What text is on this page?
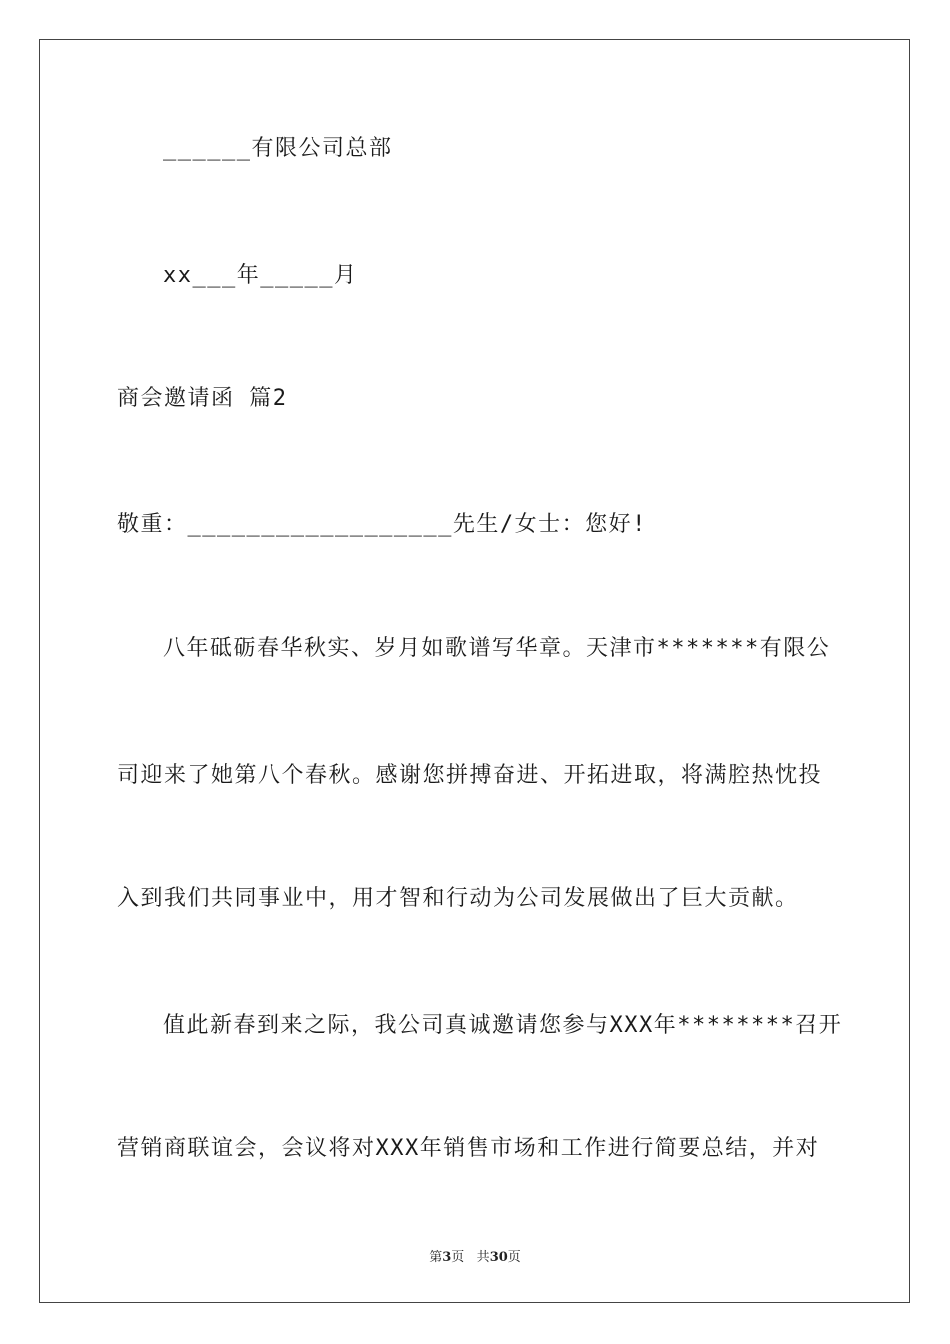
______有限公司总部
xx___年_____月
商会邀请函 篇2
敬重：__________________先生/女士：您好!
八年砥砺春华秋实、岁月如歌谱写华章。天津市*******有限公
司迎来了她第八个春秋。感谢您拼搏奋进、开拓进取，将满腔热忱投
入到我们共同事业中，用才智和行动为公司发展做出了巨大贡献。
值此新春到来之际，我公司真诚邀请您参与XXX年********召开
营销商联谊会，会议将对XXX年销售市场和工作进行简要总结，并对
第3页 共30页
